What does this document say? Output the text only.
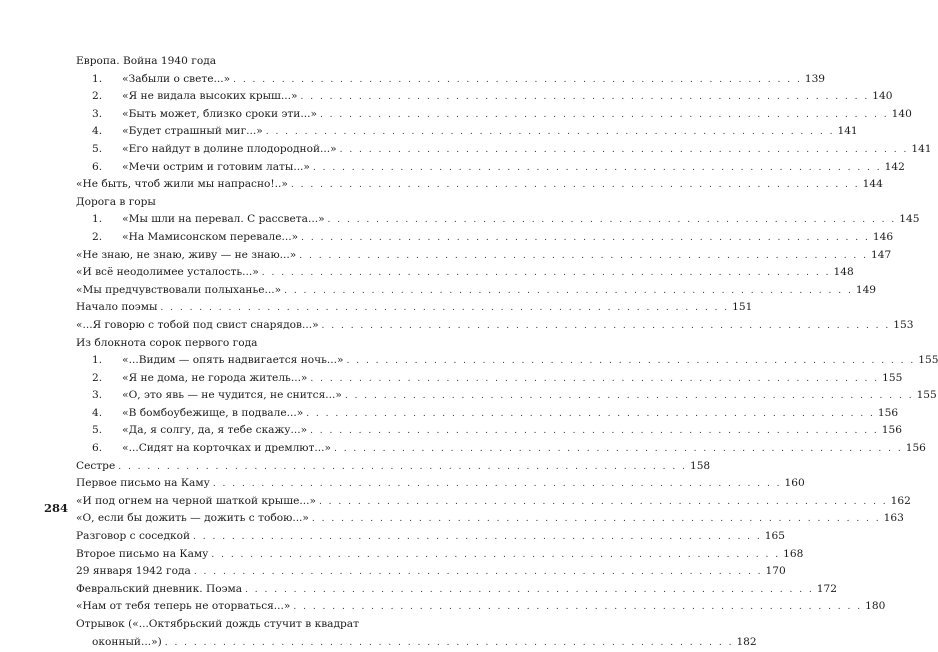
Европа. Война 1940 года
1.	«Забыли о свете...» . . . . . . . . . . . . . . . . . . . . . . . . . . . . . . . . . . . . . . . . . . . . . . . . . . . . . . . . . . . 139
2.	«Я не видала высоких крыш...» . . . . . . . . . . . . . . . . . . . . . . . . . . . . . . . . . . . . . . . . . . . . . . . . . . . . . . . . . . . 140
3.	«Быть может, близко сроки эти...» . . . . . . . . . . . . . . . . . . . . . . . . . . . . . . . . . . . . . . . . . . . . . . . . . . . . . . . . . . . 140
4.	«Будет страшный миг...» . . . . . . . . . . . . . . . . . . . . . . . . . . . . . . . . . . . . . . . . . . . . . . . . . . . . . . . . . . . 141
5.	«Его найдут в долине плодородной...» . . . . . . . . . . . . . . . . . . . . . . . . . . . . . . . . . . . . . . . . . . . . . . . . . . . . . . . . . . . 141
6.	«Мечи острим и готовим латы...» . . . . . . . . . . . . . . . . . . . . . . . . . . . . . . . . . . . . . . . . . . . . . . . . . . . . . . . . . . . 142
«Не быть, чтоб жили мы напрасно!..» . . . . . . . . . . . . . . . . . . . . . . . . . . . . . . . . . . . . . . . . . . . . . . . . . . . . . . . . . . . 144
Дорога в горы
1.	«Мы шли на перевал. С рассвета...» . . . . . . . . . . . . . . . . . . . . . . . . . . . . . . . . . . . . . . . . . . . . . . . . . . . . . . . . . . . 145
2.	«На Мамисонском перевале...» . . . . . . . . . . . . . . . . . . . . . . . . . . . . . . . . . . . . . . . . . . . . . . . . . . . . . . . . . . . 146
«Не знаю, не знаю, живу — не знаю...» . . . . . . . . . . . . . . . . . . . . . . . . . . . . . . . . . . . . . . . . . . . . . . . . . . . . . . . . . . . 147
«И всё неодолимее усталость...» . . . . . . . . . . . . . . . . . . . . . . . . . . . . . . . . . . . . . . . . . . . . . . . . . . . . . . . . . . . 148
«Мы предчувствовали полыханье...» . . . . . . . . . . . . . . . . . . . . . . . . . . . . . . . . . . . . . . . . . . . . . . . . . . . . . . . . . . . 149
Начало поэмы . . . . . . . . . . . . . . . . . . . . . . . . . . . . . . . . . . . . . . . . . . . . . . . . . . . . . . . . . . . 151
«...Я говорю с тобой под свист снарядов...» . . . . . . . . . . . . . . . . . . . . . . . . . . . . . . . . . . . . . . . . . . . . . . . . . . . . . . . . . . . 153
Из блокнота сорок первого года
1.	«...Видим — опять надвигается ночь...» . . . . . . . . . . . . . . . . . . . . . . . . . . . . . . . . . . . . . . . . . . . . . . . . . . . . . . . . . . . 155
2.	«Я не дома, не города житель...» . . . . . . . . . . . . . . . . . . . . . . . . . . . . . . . . . . . . . . . . . . . . . . . . . . . . . . . . . . . 155
3.	«О, это явь — не чудится, не снится...» . . . . . . . . . . . . . . . . . . . . . . . . . . . . . . . . . . . . . . . . . . . . . . . . . . . . . . . . . . . 155
4.	«В бомбоубежище, в подвале...» . . . . . . . . . . . . . . . . . . . . . . . . . . . . . . . . . . . . . . . . . . . . . . . . . . . . . . . . . . . 156
5.	«Да, я солгу, да, я тебе скажу...» . . . . . . . . . . . . . . . . . . . . . . . . . . . . . . . . . . . . . . . . . . . . . . . . . . . . . . . . . . . 156
6.	«...Сидят на корточках и дремлют...» . . . . . . . . . . . . . . . . . . . . . . . . . . . . . . . . . . . . . . . . . . . . . . . . . . . . . . . . . . . 156
Сестре . . . . . . . . . . . . . . . . . . . . . . . . . . . . . . . . . . . . . . . . . . . . . . . . . . . . . . . . . . . 158
Первое письмо на Каму . . . . . . . . . . . . . . . . . . . . . . . . . . . . . . . . . . . . . . . . . . . . . . . . . . . . . . . . . . . 160
«И под огнем на черной шаткой крыше...» . . . . . . . . . . . . . . . . . . . . . . . . . . . . . . . . . . . . . . . . . . . . . . . . . . . . . . . . . . . 162
«О, если бы дожить — дожить с тобою...» . . . . . . . . . . . . . . . . . . . . . . . . . . . . . . . . . . . . . . . . . . . . . . . . . . . . . . . . . . . 163
Разговор с соседкой . . . . . . . . . . . . . . . . . . . . . . . . . . . . . . . . . . . . . . . . . . . . . . . . . . . . . . . . . . . 165
Второе письмо на Каму . . . . . . . . . . . . . . . . . . . . . . . . . . . . . . . . . . . . . . . . . . . . . . . . . . . . . . . . . . . 168
29 января 1942 года . . . . . . . . . . . . . . . . . . . . . . . . . . . . . . . . . . . . . . . . . . . . . . . . . . . . . . . . . . . 170
Февральский дневник. Поэма . . . . . . . . . . . . . . . . . . . . . . . . . . . . . . . . . . . . . . . . . . . . . . . . . . . . . . . . . . . 172
«Нам от тебя теперь не оторваться...» . . . . . . . . . . . . . . . . . . . . . . . . . . . . . . . . . . . . . . . . . . . . . . . . . . . . . . . . . . . 180
Отрывок («...Октябрьский дождь стучит в квадрат
оконный...») . . . . . . . . . . . . . . . . . . . . . . . . . . . . . . . . . . . . . . . . . . . . . . . . . . . . . . . . . . . 182
284
